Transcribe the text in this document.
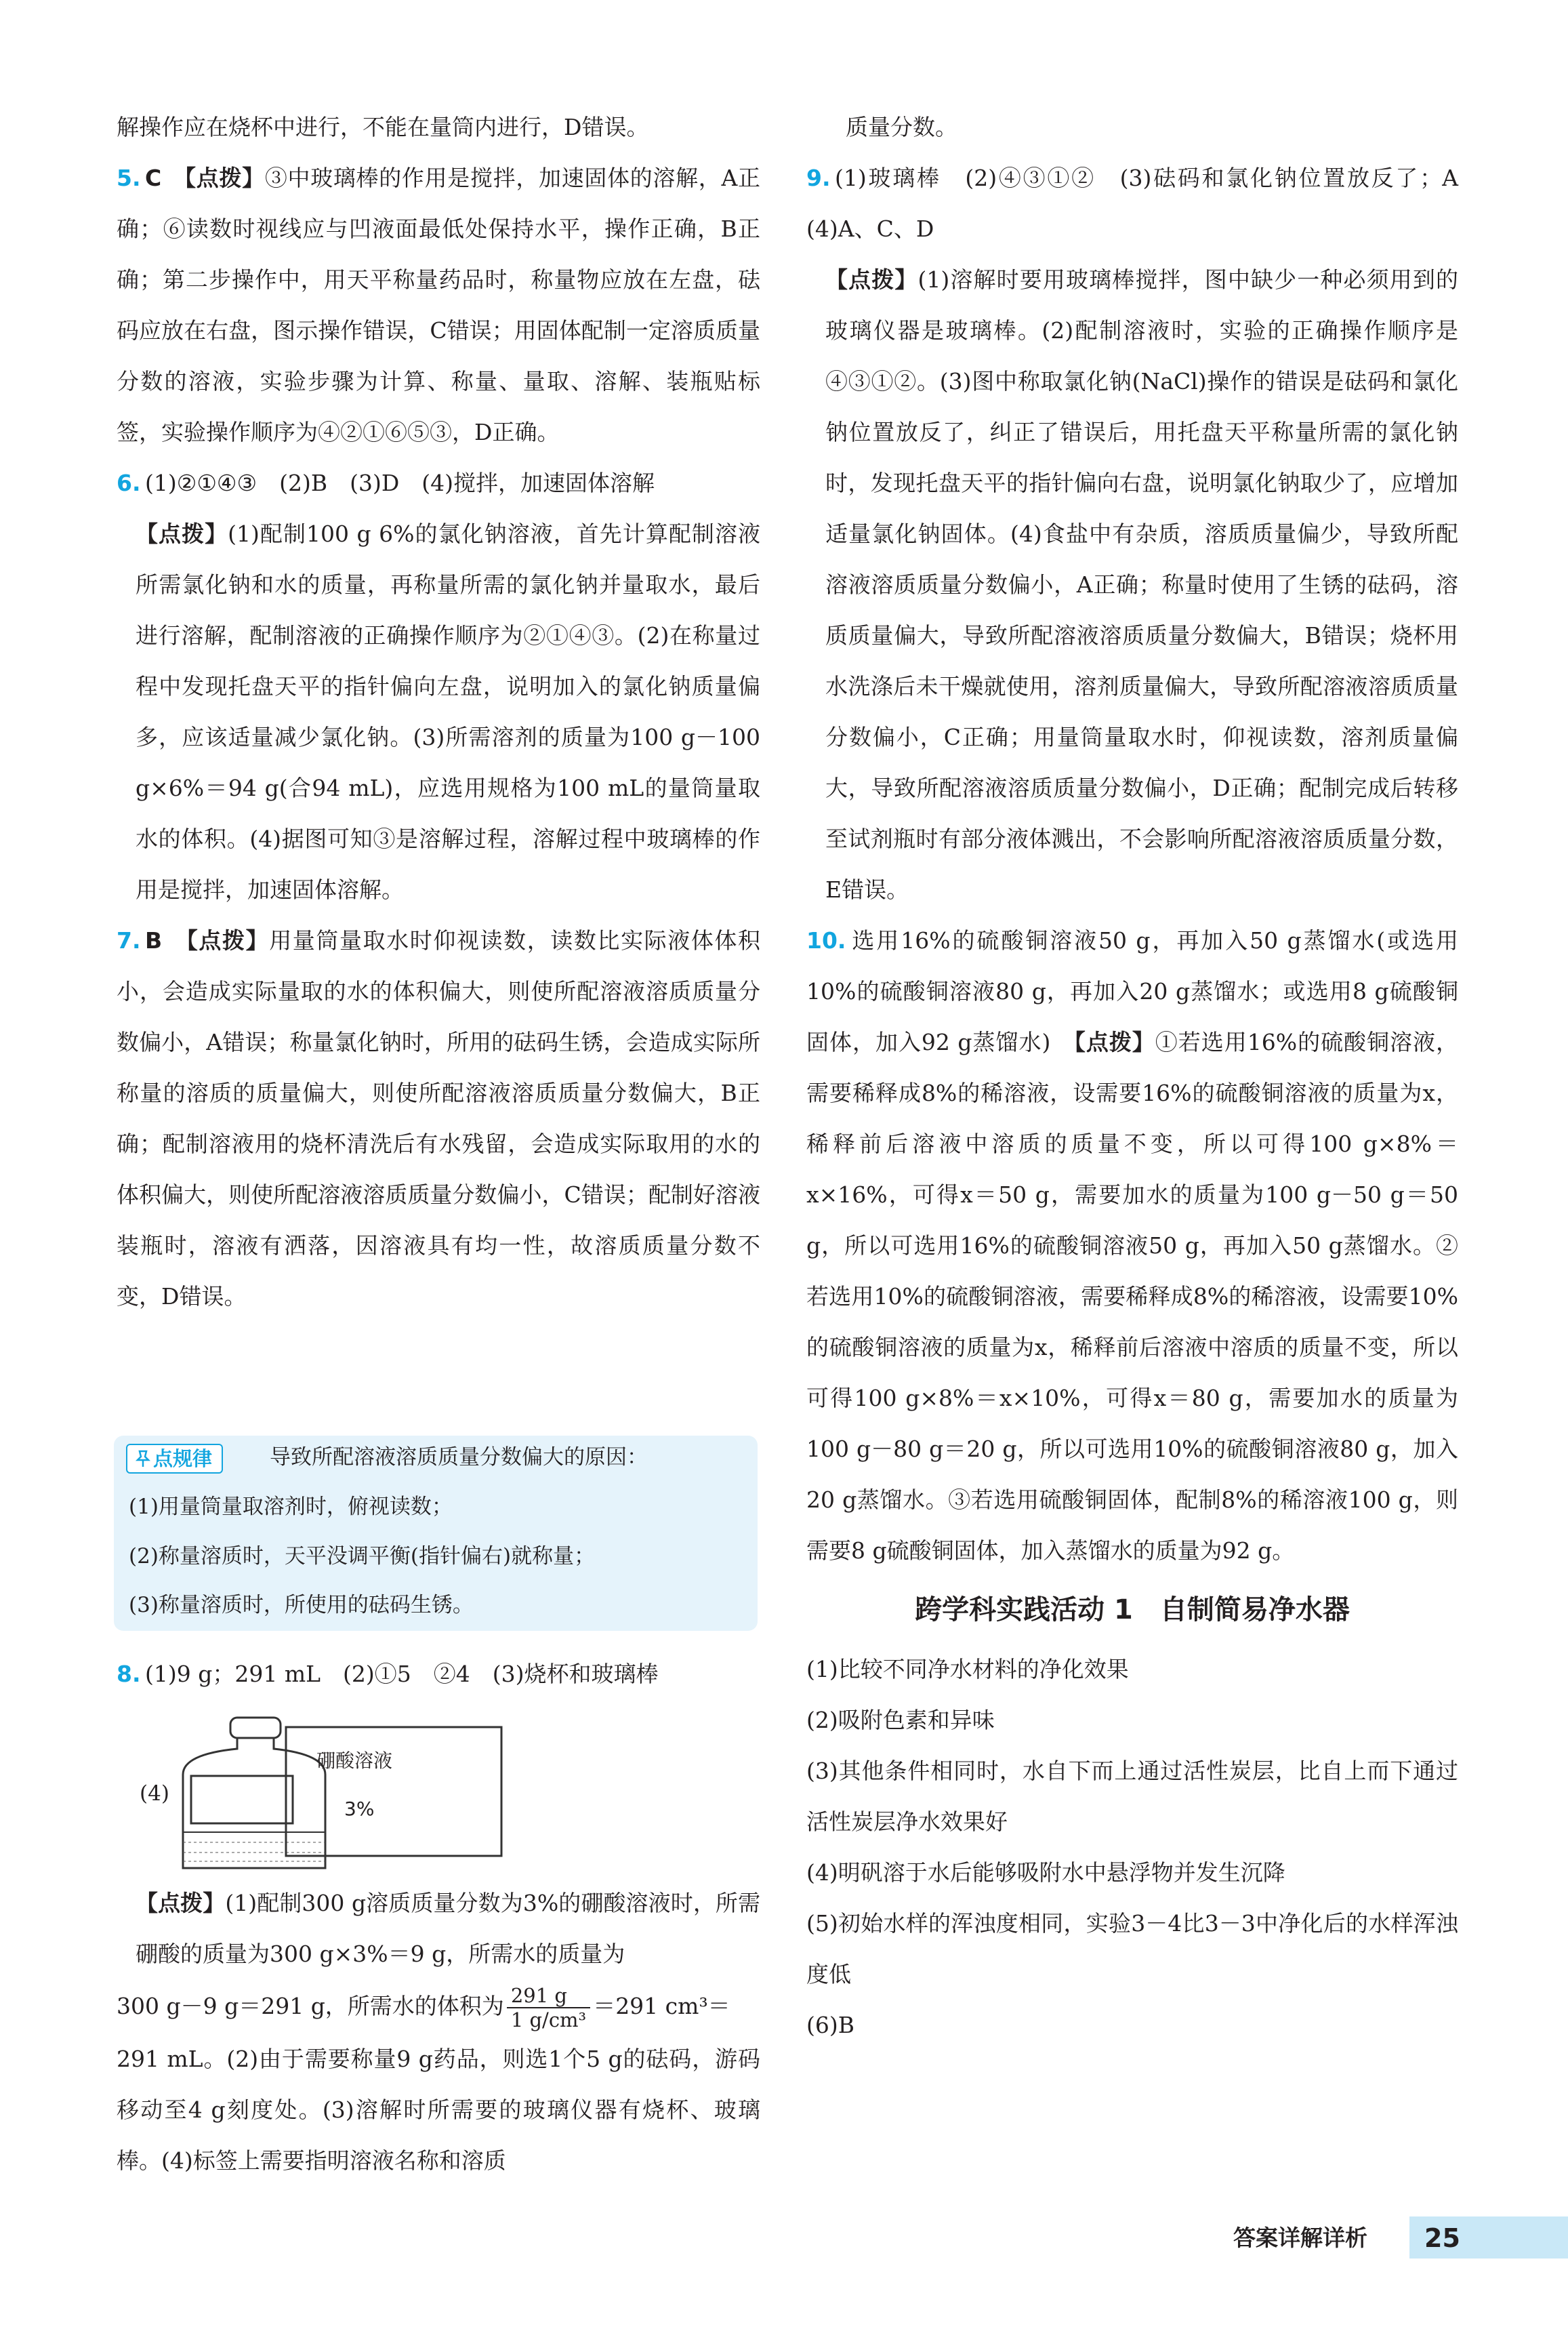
解操作应在烧杯中进行，不能在量筒内进行，D错误。

5. C　 【点拨】③中玻璃棒的作用是搅拌，加速固体的溶解，A正确；⑥读数时视线应与凹液面最低处保持水平，操作正确，B正确；第二步操作中，用天平称量药品时，称量物应放在左盘，砝码应放在右盘，图示操作错误，C错误；用固体配制一定溶质质量分数的溶液，实验步骤为计算、称量、量取、溶解、装瓶贴标签，实验操作顺序为④②①⑥⑤③，D正确。

6. (1)②①④③　(2)B　(3)D　(4)搅拌，加速固体溶解

【点拨】(1)配制100 g 6%的氯化钠溶液，首先计算配制溶液所需氯化钠和水的质量，再称量所需的氯化钠并量取水，最后进行溶解，配制溶液的正确操作顺序为②①④③。(2)在称量过程中发现托盘天平的指针偏向左盘，说明加入的氯化钠质量偏多，应该适量减少氯化钠。(3)所需溶剂的质量为100 g－100 g×6%＝94 g(合94 mL)，应选用规格为100 mL的量筒量取水的体积。(4)据图可知③是溶解过程，溶解过程中玻璃棒的作用是搅拌，加速固体溶解。

7. B　 【点拨】用量筒量取水时仰视读数，读数比实际液体体积小，会造成实际量取的水的体积偏大，则使所配溶液溶质质量分数偏小，A错误；称量氯化钠时，所用的砝码生锈，会造成实际所称量的溶质的质量偏大，则使所配溶液溶质质量分数偏大，B正确；配制溶液用的烧杯清洗后有水残留，会造成实际取用的水的体积偏大，则使所配溶液溶质质量分数偏小，C错误；配制好溶液装瓶时，溶液有洒落，因溶液具有均一性，故溶质质量分数不变，D错误。

点规律	导致所配溶液溶质质量分数偏大的原因：
(1)用量筒量取溶剂时，俯视读数；
(2)称量溶质时，天平没调平衡(指针偏右)就称量；
(3)称量溶质时，所使用的砝码生锈。

8. (1)9 g；291 mL　(2)①5　②4　(3)烧杯和玻璃棒

(4)
硼酸溶液
3%

【点拨】(1)配制300 g溶质质量分数为3%的硼酸溶液时，所需硼酸的质量为300 g×3%＝9 g，所需水的质量为

300 g－9 g＝291 g，所需水的体积为 $\frac{291 g}{\text{1 g/cm³}} =291$ cm³＝

291 mL。(2)由于需要称量9 g药品，则选1个5 g的砝码，游码移动至4 g刻度处。(3)溶解时所需要的玻璃仪器有烧杯、玻璃棒。(4)标签上需要指明溶液名称和溶质

质量分数。

9. (1)玻璃棒　(2)④③①②　(3)砝码和氯化钠位置放反了；A　(4)A、C、D

【点拨】(1)溶解时要用玻璃棒搅拌，图中缺少一种必须用到的玻璃仪器是玻璃棒。(2)配制溶液时，实验的正确操作顺序是④③①②。(3)图中称取氯化钠(NaCl)操作的错误是砝码和氯化钠位置放反了，纠正了错误后，用托盘天平称量所需的氯化钠时，发现托盘天平的指针偏向右盘，说明氯化钠取少了，应增加适量氯化钠固体。(4)食盐中有杂质，溶质质量偏少，导致所配溶液溶质质量分数偏小，A正确；称量时使用了生锈的砝码，溶质质量偏大，导致所配溶液溶质质量分数偏大，B错误；烧杯用水洗涤后未干燥就使用，溶剂质量偏大，导致所配溶液溶质质量分数偏小，C正确；用量筒量取水时，仰视读数，溶剂质量偏大，导致所配溶液溶质质量分数偏小，D正确；配制完成后转移至试剂瓶时有部分液体溅出，不会影响所配溶液溶质质量分数，E错误。

10. 选用16%的硫酸铜溶液50 g，再加入50 g蒸馏水(或选用10%的硫酸铜溶液80 g，再加入20 g蒸馏水；或选用8 g硫酸铜固体，加入92 g蒸馏水)　 【点拨】①若选用16%的硫酸铜溶液，需要稀释成8%的稀溶液，设需要16%的硫酸铜溶液的质量为x，稀释前后溶液中溶质的质量不变，所以可得100 g×8%＝x×16%，可得x＝50 g，需要加水的质量为100 g－50 g＝50 g，所以可选用16%的硫酸铜溶液50 g，再加入50 g蒸馏水。②若选用10%的硫酸铜溶液，需要稀释成8%的稀溶液，设需要10%的硫酸铜溶液的质量为x，稀释前后溶液中溶质的质量不变，所以可得100 g×8%＝x×10%，可得x＝80 g，需要加水的质量为100 g－80 g＝20 g，所以可选用10%的硫酸铜溶液80 g，加入20 g蒸馏水。③若选用硫酸铜固体，配制8%的稀溶液100 g，则需要8 g硫酸铜固体，加入蒸馏水的质量为92 g。

跨学科实践活动 1　自制简易净水器

(1)比较不同净水材料的净化效果

(2)吸附色素和异味

(3)其他条件相同时，水自下而上通过活性炭层，比自上而下通过活性炭层净水效果好

(4)明矾溶于水后能够吸附水中悬浮物并发生沉降

(5)初始水样的浑浊度相同，实验3－4比3－3中净化后的水样浑浊度低

(6)B

答案详解详析 25
